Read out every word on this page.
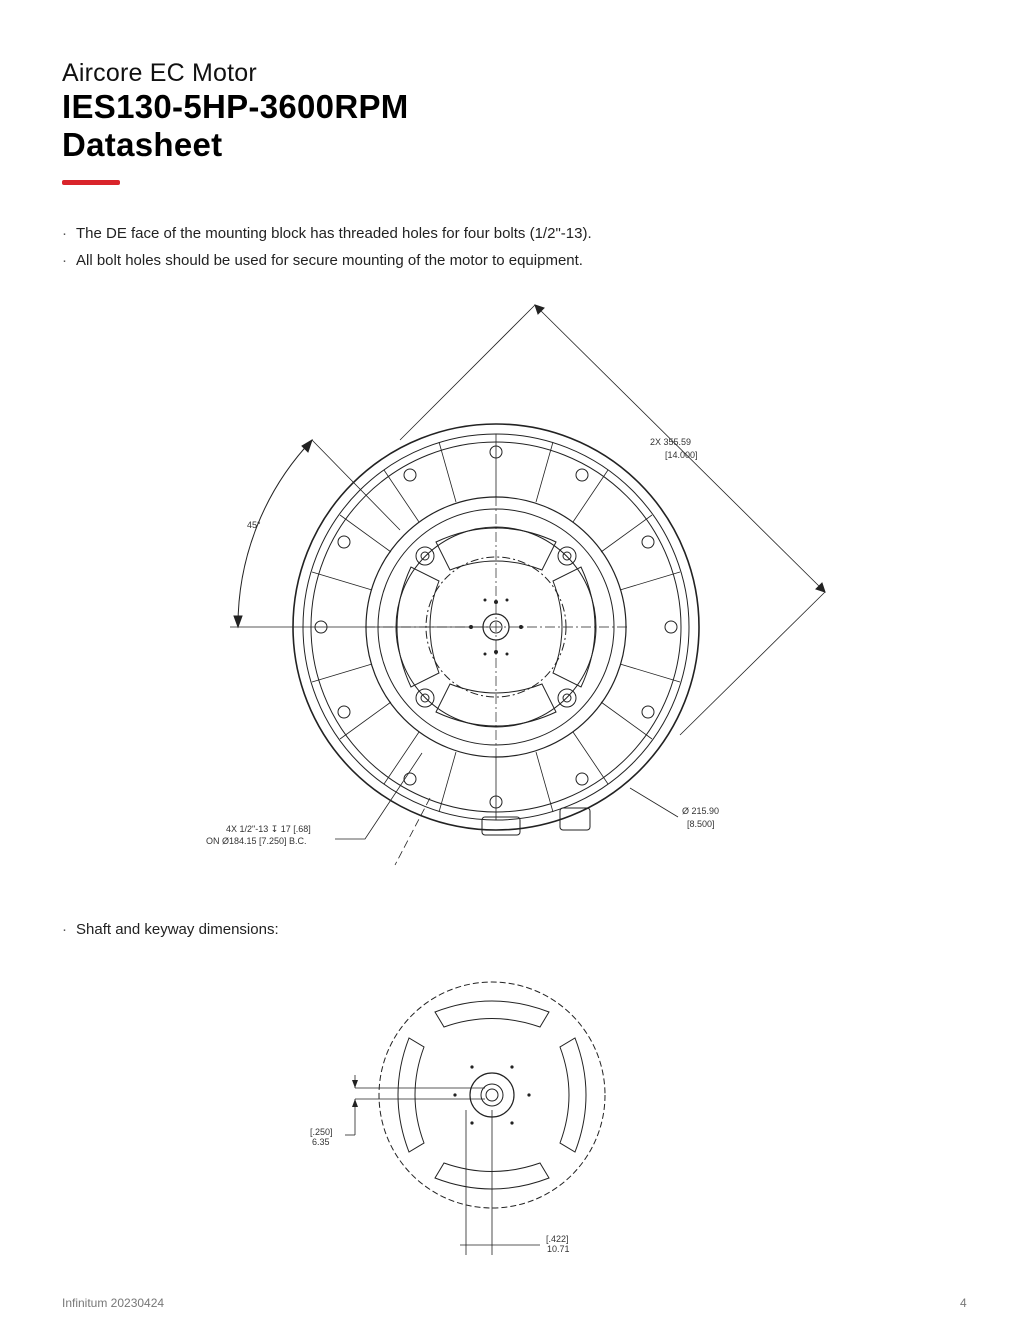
Aircore EC Motor
IES130-5HP-3600RPM
Datasheet
· The DE face of the mounting block has threaded holes for four bolts (1/2"-13).
· All bolt holes should be used for secure mounting of the motor to equipment.
45°
2X 355.59
[14.000]
Ø 215.90
[8.500]
4X 1/2"-13 ↧ 17 [.68]
ON Ø184.15 [7.250] B.C.
· Shaft and keyway dimensions:
[.250]
6.35
[.422]
10.71
Infinitum 20230424	4
